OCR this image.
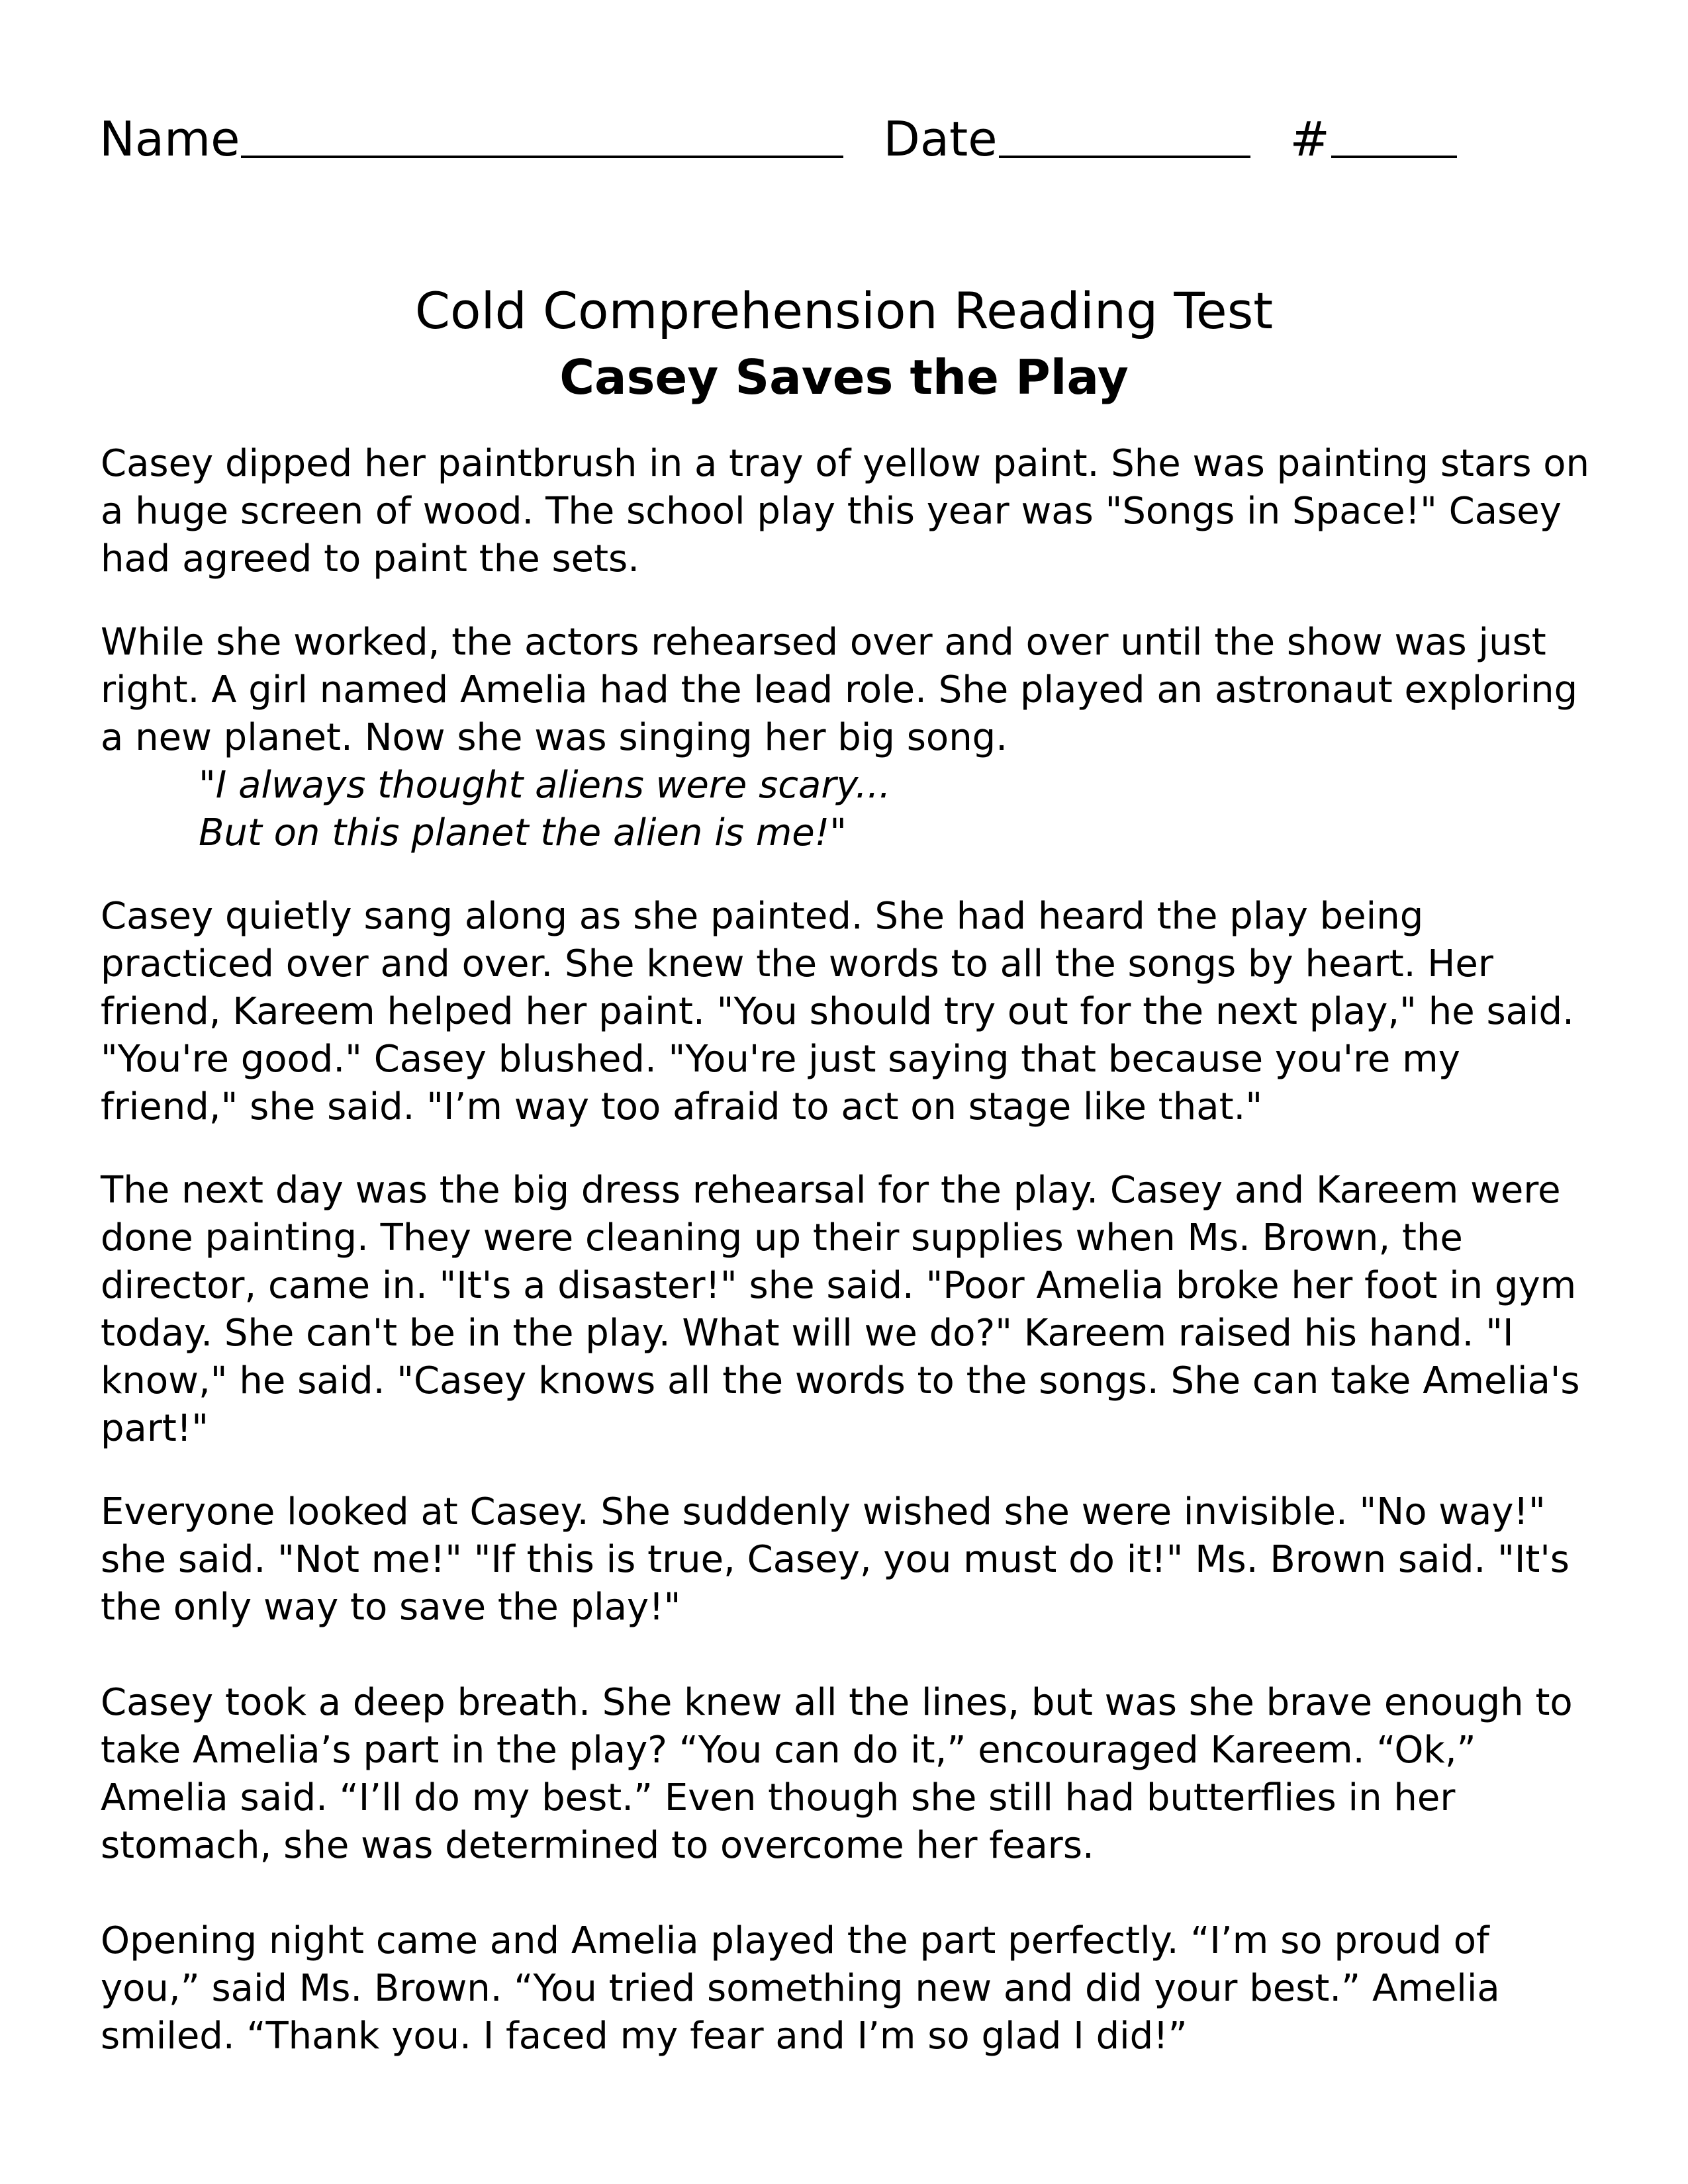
Name	Date	#
Cold Comprehension Reading Test
Casey Saves the Play

Casey dipped her paintbrush in a tray of yellow paint. She was painting stars on a huge screen of wood. The school play this year was "Songs in Space!" Casey had agreed to paint the sets.

While she worked, the actors rehearsed over and over until the show was just right. A girl named Amelia had the lead role. She played an astronaut exploring a new planet. Now she was singing her big song.
"I always thought aliens were scary...
But on this planet the alien is me!"

Casey quietly sang along as she painted. She had heard the play being practiced over and over. She knew the words to all the songs by heart. Her friend, Kareem helped her paint. "You should try out for the next play," he said. "You're good." Casey blushed. "You're just saying that because you're my friend," she said. "I’m way too afraid to act on stage like that."

The next day was the big dress rehearsal for the play. Casey and Kareem were done painting. They were cleaning up their supplies when Ms. Brown, the director, came in. "It's a disaster!" she said. "Poor Amelia broke her foot in gym today. She can't be in the play. What will we do?" Kareem raised his hand. "I know," he said. "Casey knows all the words to the songs. She can take Amelia's part!"

Everyone looked at Casey. She suddenly wished she were invisible. "No way!" she said. "Not me!" "If this is true, Casey, you must do it!" Ms. Brown said. "It's the only way to save the play!"

Casey took a deep breath. She knew all the lines, but was she brave enough to take Amelia’s part in the play? “You can do it,” encouraged Kareem. “Ok,” Amelia said. “I’ll do my best.” Even though she still had butterflies in her stomach, she was determined to overcome her fears.

Opening night came and Amelia played the part perfectly. “I’m so proud of you,” said Ms. Brown. “You tried something new and did your best.” Amelia smiled. “Thank you. I faced my fear and I’m so glad I did!”
